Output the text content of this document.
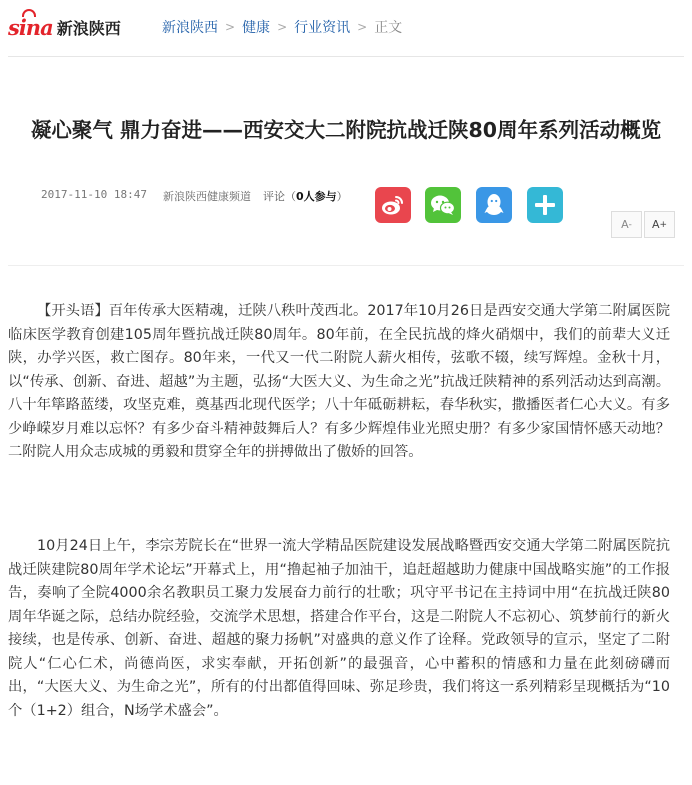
sina 新浪陕西	新浪陕西 > 健康 > 行业资讯 > 正文
凝心聚气 鼎力奋进——西安交大二附院抗战迁陕80周年系列活动概览
2017-11-10 18:47 新浪陕西健康频道 评论（0人参与）
A - A +

【开头语】百年传承大医精魂，迁陕八秩叶茂西北。2017年10月26日是西安交通大学第二附属医院临床医学教育创建105周年暨抗战迁陕80周年。80年前，在全民抗战的烽火硝烟中，我们的前辈大义迁陕，办学兴医，救亡图存。80年来，一代又一代二附院人薪火相传，弦歌不辍，续写辉煌。金秋十月，以“传承、创新、奋进、超越”为主题，弘扬“大医大义、为生命之光”抗战迁陕精神的系列活动达到高潮。八十年筚路蓝缕，攻坚克难，奠基西北现代医学；八十年砥砺耕耘，春华秋实，撒播医者仁心大义。有多少峥嵘岁月难以忘怀？有多少奋斗精神鼓舞后人？有多少辉煌伟业光照史册？有多少家国情怀感天动地？二附院人用众志成城的勇毅和贯穿全年的拼搏做出了傲娇的回答。

10月24日上午，李宗芳院长在“世界一流大学精品医院建设发展战略暨西安交通大学第二附属医院抗战迁陕建院80周年学术论坛”开幕式上，用“撸起袖子加油干，追赶超越助力健康中国战略实施”的工作报告，奏响了全院4000余名教职员工聚力发展奋力前行的壮歌；巩守平书记在主持词中用“在抗战迁陕80周年华诞之际，总结办院经验，交流学术思想，搭建合作平台，这是二附院人不忘初心、筑梦前行的新火接续，也是传承、创新、奋进、超越的聚力扬帆”对盛典的意义作了诠释。党政领导的宣示，坚定了二附院人“仁心仁术，尚德尚医，求实奉献，开拓创新”的最强音，心中蓄积的情感和力量在此刻磅礴而出，“大医大义、为生命之光”，所有的付出都值得回味、弥足珍贵，我们将这一系列精彩呈现概括为“10个（1+2）组合，N场学术盛会”。
